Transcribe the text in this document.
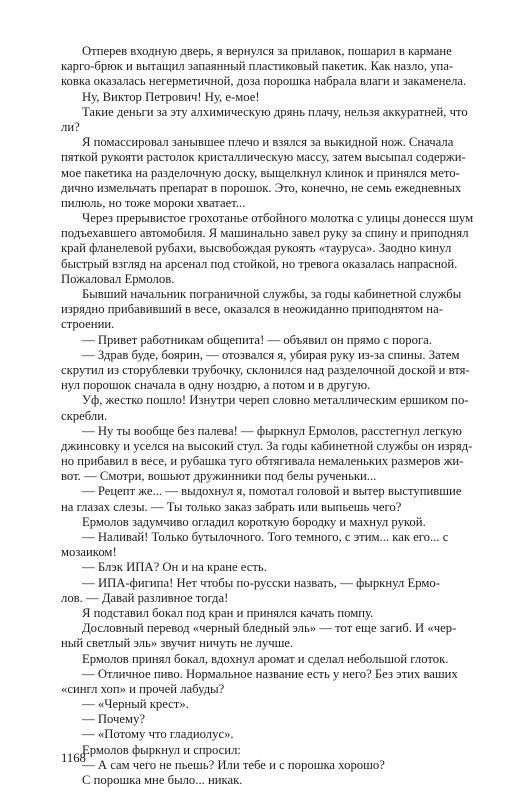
Отперев входную дверь, я вернулся за прилавок, пошарил в кармане
карго-брюк и вытащил запаянный пластиковый пакетик. Как назло, упа-
ковка оказалась негерметичной, доза порошка набрала влаги и закаменела.
Ну, Виктор Петрович! Ну, е-мое!
Такие деньги за эту алхимическую дрянь плачу, нельзя аккуратней, что
ли?
Я помассировал занывшее плечо и взялся за выкидной нож. Сначала
пяткой рукояти растолок кристаллическую массу, затем высыпал содержи-
мое пакетика на разделочную доску, выщелкнул клинок и принялся мето-
дично измельчать препарат в порошок. Это, конечно, не семь ежедневных
пилюль, но тоже мороки хватает...
Через прерывистое грохотанье отбойного молотка с улицы донесся шум
подъехавшего автомобиля. Я машинально завел руку за спину и приподнял
край фланелевой рубахи, высвобождая рукоять «тауруса». Заодно кинул
быстрый взгляд на арсенал под стойкой, но тревога оказалась напрасной.
Пожаловал Ермолов.
Бывший начальник пограничной службы, за годы кабинетной службы
изрядно прибавивший в весе, оказался в неожиданно приподнятом на-
строении.
— Привет работникам общепита! — объявил он прямо с порога.
— Здрав буде, боярин, — отозвался я, убирая руку из-за спины. Затем
скрутил из сторублевки трубочку, склонился над разделочной доской и втя-
нул порошок сначала в одну ноздрю, а потом и в другую.
Уф, жестко пошло! Изнутри череп словно металлическим ершиком по-
скребли.
— Ну ты вообще без палева! — фыркнул Ермолов, расстегнул легкую
джинсовку и уселся на высокий стул. За годы кабинетной службы он изряд-
но прибавил в весе, и рубашка туго обтягивала немаленьких размеров жи-
вот. — Смотри, вошьют дружинники под белы рученьки...
— Рецепт же... — выдохнул я, помотал головой и вытер выступившие
на глазах слезы. — Ты только заказ забрать или выпьешь чего?
Ермолов задумчиво огладил короткую бородку и махнул рукой.
— Наливай! Только бутылочного. Того темного, с этим... как его... с
мозаиком!
— Блэк ИПА? Он и на кране есть.
— ИПА-фигипа! Нет чтобы по-русски назвать, — фыркнул Ермо-
лов. — Давай разливное тогда!
Я подставил бокал под кран и принялся качать помпу.
Дословный перевод «черный бледный эль» — тот еще загиб. И «чер-
ный светлый эль» звучит ничуть не лучше.
Ермолов принял бокал, вдохнул аромат и сделал небольшой глоток.
— Отличное пиво. Нормальное название есть у него? Без этих ваших
«сингл хоп» и прочей лабуды?
— «Черный крест».
— Почему?
— «Потому что гладиолус».
Ермолов фыркнул и спросил:
— А сам чего не пьешь? Или тебе и с порошка хорошо?
С порошка мне было... никак.
1168
